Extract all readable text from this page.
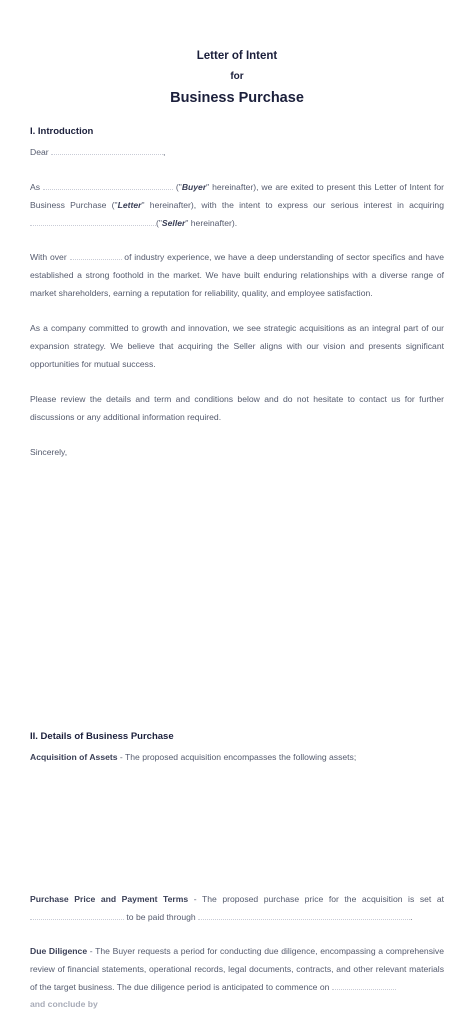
Letter of Intent
for
Business Purchase
I. Introduction

Dear	,

As	("Buyer" hereinafter), we are exited to present this Letter of Intent for Business Purchase ("Letter" hereinafter), with the intent to express our serious interest in acquiring ("Seller" hereinafter).

With over	of industry experience, we have a deep understanding of sector specifics and have established a strong foothold in the market. We have built enduring relationships with a diverse range of market shareholders, earning a reputation for reliability, quality, and employee satisfaction.

As a company committed to growth and innovation, we see strategic acquisitions as an integral part of our expansion strategy. We believe that acquiring the Seller aligns with our vision and presents significant opportunities for mutual success.

Please review the details and term and conditions below and do not hesitate to contact us for further discussions or any additional information required.

Sincerely,

II. Details of Business Purchase

Acquisition of Assets - The proposed acquisition encompasses the following assets;

Purchase Price and Payment Terms - The proposed purchase price for the acquisition is set at  to be paid through	.

Due Diligence - The Buyer requests a period for conducting due diligence, encompassing a comprehensive review of financial statements, operational records, legal documents, contracts, and other relevant materials of the target business. The due diligence period is anticipated to commence on

and conclude by
